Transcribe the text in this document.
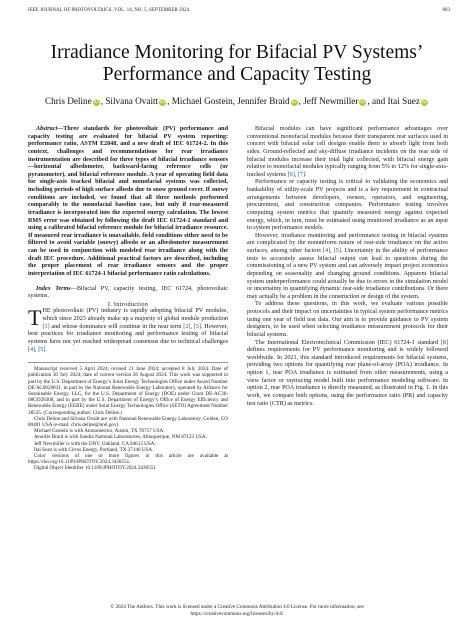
IEEE JOURNAL OF PHOTOVOLTAICS, VOL. 14, NO. 5, SEPTEMBER 2024	803
Irradiance Monitoring for Bifacial PV Systems’
Performance and Capacity Testing
Chris Deline iD , Silvana Ovaitt iD , Michael Gostein, Jennifer Braid iD , Jeff Newmiller iD , and Itai Suez iD

Abstract—Three standards for photovoltaic (PV) performance and capacity testing are evaluated for bifacial PV system reporting: performance ratio, ASTM E2848, and a new draft of IEC 61724-2. In this context, challenges and recommendations for rear irradiance instrumentation are described for three types of bifacial irradiance sensors—horizontal albedometer, backward-facing reference cells (or pyranometer), and bifacial reference module. A year of operating field data for single-axis tracked bifacial and monofacial systems was collected, including periods of high surface albedo due to snow ground cover. If snowy conditions are included, we found that all three methods performed comparably to the monofacial baseline case, but only if rear-measured irradiance is incorporated into the expected energy calculation. The lowest RMS error was obtained by following the draft IEC 61724-2 standard and using a calibrated bifacial reference module for bifacial irradiance resource. If measured rear irradiance is unavailable, field conditions either need to be filtered to avoid variable (snowy) albedo or an albedometer measurement can be used in conjunction with modeled rear irradiance along with the draft IEC procedure. Additional practical factors are described, including the proper placement of rear irradiance sensors and the proper interpretation of IEC 61724-1 bifacial performance ratio calculations.

Index Terms—Bifacial PV, capacity testing, IEC 61724, photovoltaic systems.

I. Introduction

THE photovoltaic (PV) industry is rapidly adopting bifacial PV modules, which since 2023 already make up a majority of global module production [1] and whose dominance will continue in the near term [2], [3]. However, best practices for irradiance monitoring and performance testing of bifacial systems have not yet reached widespread consensus due to technical challenges [4], [5].

Manuscript received 5 April 2024; revised 21 June 2024; accepted 8 July 2024. Date of publication 30 July 2024; date of current version 26 August 2024. This work was supported in part by the U.S. Department of Energy’s Solar Energy Technologies Office under Award Number DE-SC0020831, in part by the National Renewable Energy Laboratory, operated by Alliance for Sustainable Energy, LLC, for the U.S. Department of Energy (DOE) under Grant DE-AC36-08GO28308, and in part by the U.S. Department of Energy’s Office of Energy Efficiency and Renewable Energy (EERE) under Solar Energy Technologies Office (SETO) Agreement Number 38535. (Corresponding author: Chris Deline.)

Chris Deline and Silvana Ovaitt are with National Renewable Energy Laboratory, Golden, CO 80401 USA (e-mail: chris.deline@nrel.gov).

Michael Gostein is with Atonometrics, Austin, TX 78757 USA.

Jennifer Braid is with Sandia National Laboratories, Albuquerque, NM 87123 USA.

Jeff Newmiller is with the DNV, Oakland, CA 94612 USA.

Itai Suez is with Cirrus Energy, Portland, TX 37146 USA.

Color versions of one or more figures in this article are available at https://doi.org/10.1109/JPHOTOV.2024.3430551.

Digital Object Identifier 10.1109/JPHOTOV.2024.3430551

Bifacial modules can have significant performance advantages over conventional monofacial modules because their transparent rear surfaces used in concert with bifacial solar cell designs enable them to absorb light from both sides. Ground-reflected and sky-diffuse irradiance incidents on the rear side of bifacial modules increase their total light collected, with bifacial energy gain relative to monofacial modules typically ranging from 5% to 12% for single-axis-tracked systems [6], [7].

Performance or capacity testing is critical to validating the economics and bankability of utility-scale PV projects and is a key requirement in contractual arrangements between developers, owners, operators, and engineering, procurement, and construction companies. Performance testing involves computing system metrics that quantify measured energy against expected energy, which, in turn, must be estimated using monitored irradiance as an input to system performance models.

However, irradiance monitoring and performance testing in bifacial systems are complicated by the nonuniform nature of rear-side irradiance on the active surfaces, among other factors [4], [5]. Uncertainty in the ability of performance tests to accurately assess bifacial output can lead to questions during the commissioning of a new PV system and can adversely impact project economics depending on seasonality and changing ground conditions. Apparent bifacial system underperformance could actually be due to errors in the simulation model or uncertainty in quantifying dynamic rear-side irradiance contributions. Or there may actually be a problem in the construction or design of the system.

To address these questions, in this work, we evaluate various possible protocols and their impact on uncertainties in typical system performance metrics using one year of field test data. Our aim is to provide guidance to PV system designers, to be used when selecting irradiance measurement protocols for their bifacial systems.

The International Electrotechnical Commission (IEC) 61724-1 standard [8] defines requirements for PV performance monitoring and is widely followed worldwide. In 2021, this standard introduced requirements for bifacial systems, providing two options for quantifying rear plane-of-array (POA) irradiance. In option 1, rear POA irradiance is estimated from other measurements, using a view factor or raytracing model built into performance modeling software. In option 2, rear POA irradiance is directly measured, as illustrated in Fig. 1. In this work, we compare both options, using the performance ratio (PR) and capacity test ratio (CTR) as metrics.

© 2024 The Authors. This work is licensed under a Creative Commons Attribution 4.0 License. For more information, see
https://creativecommons.org/licenses/by/4.0/
